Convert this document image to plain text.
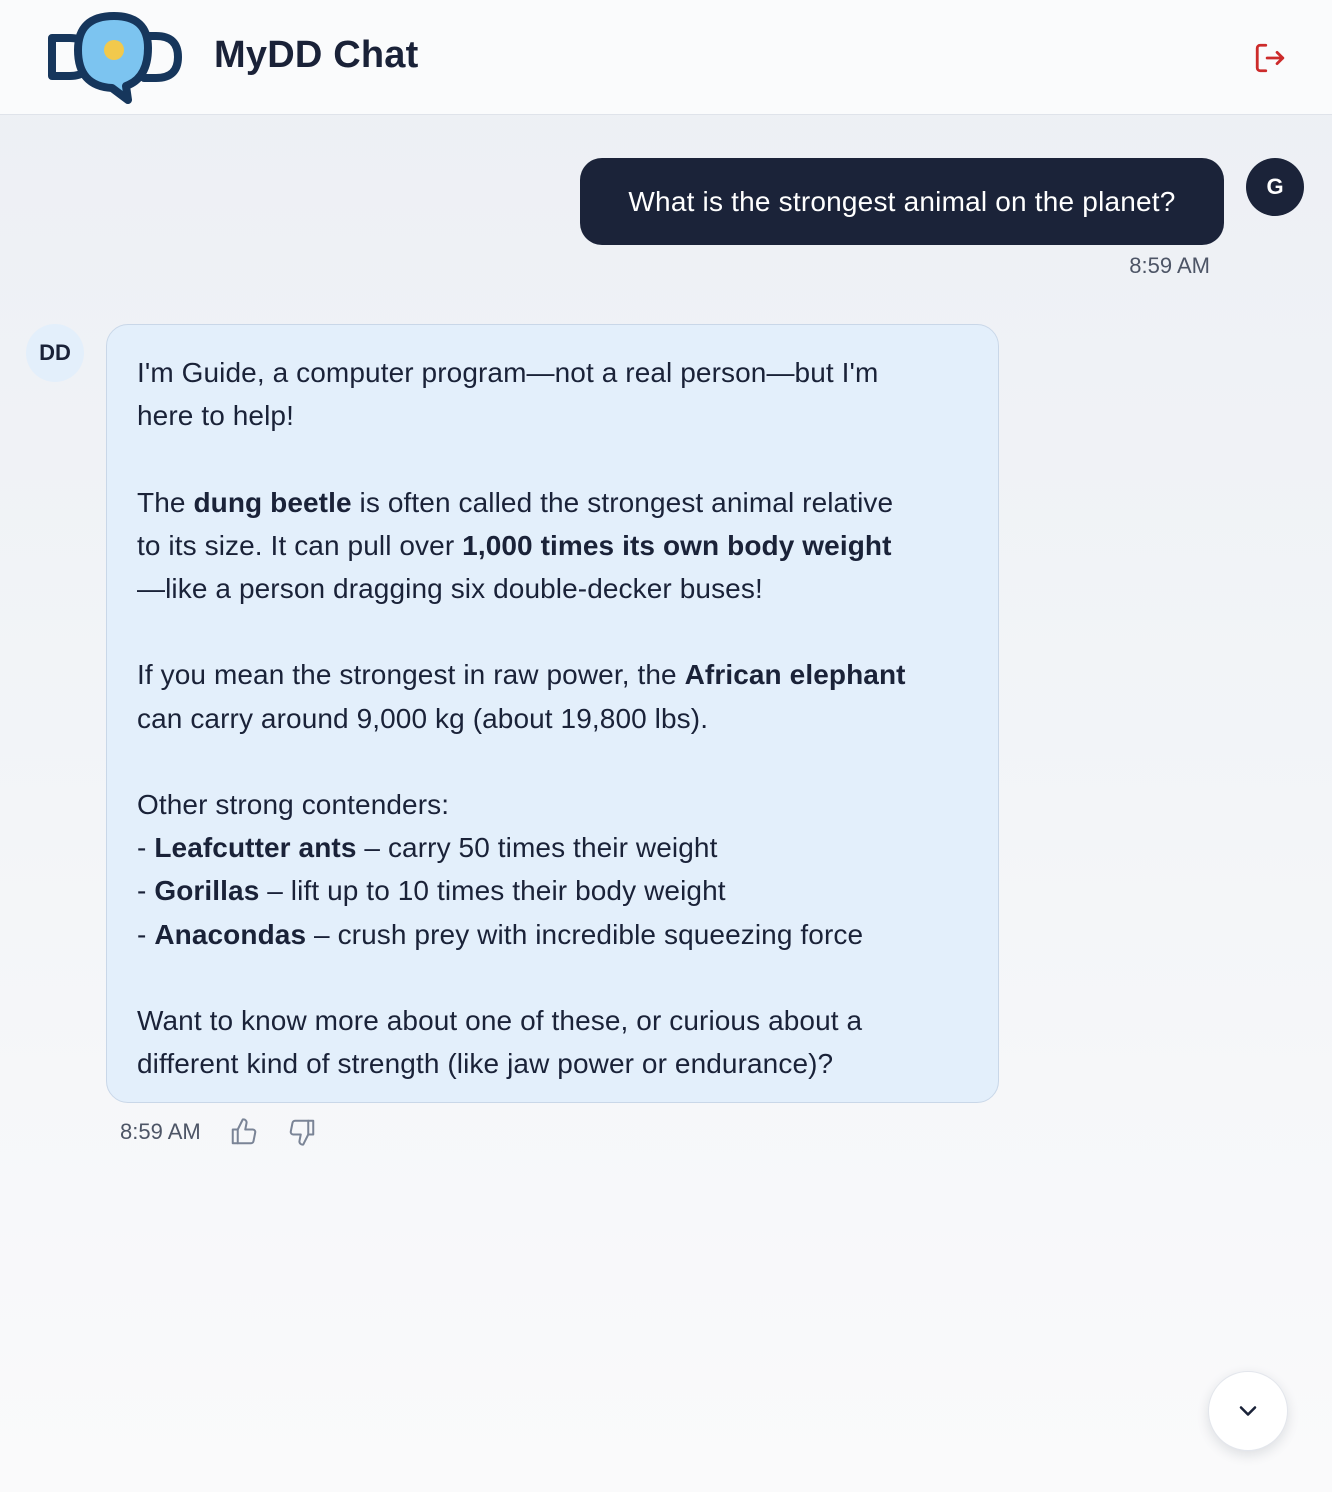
MyDD Chat
What is the strongest animal on the planet?	G
8:59 AM
DD
I'm Guide, a computer program—not a real person—but I'm
here to help!
The dung beetle is often called the strongest animal relative
to its size. It can pull over 1,000 times its own body weight
—like a person dragging six double-decker buses!
If you mean the strongest in raw power, the African elephant
can carry around 9,000 kg (about 19,800 lbs).
Other strong contenders:
- Leafcutter ants – carry 50 times their weight
- Gorillas – lift up to 10 times their body weight
- Anacondas – crush prey with incredible squeezing force
Want to know more about one of these, or curious about a
different kind of strength (like jaw power or endurance)?
8:59 AM
